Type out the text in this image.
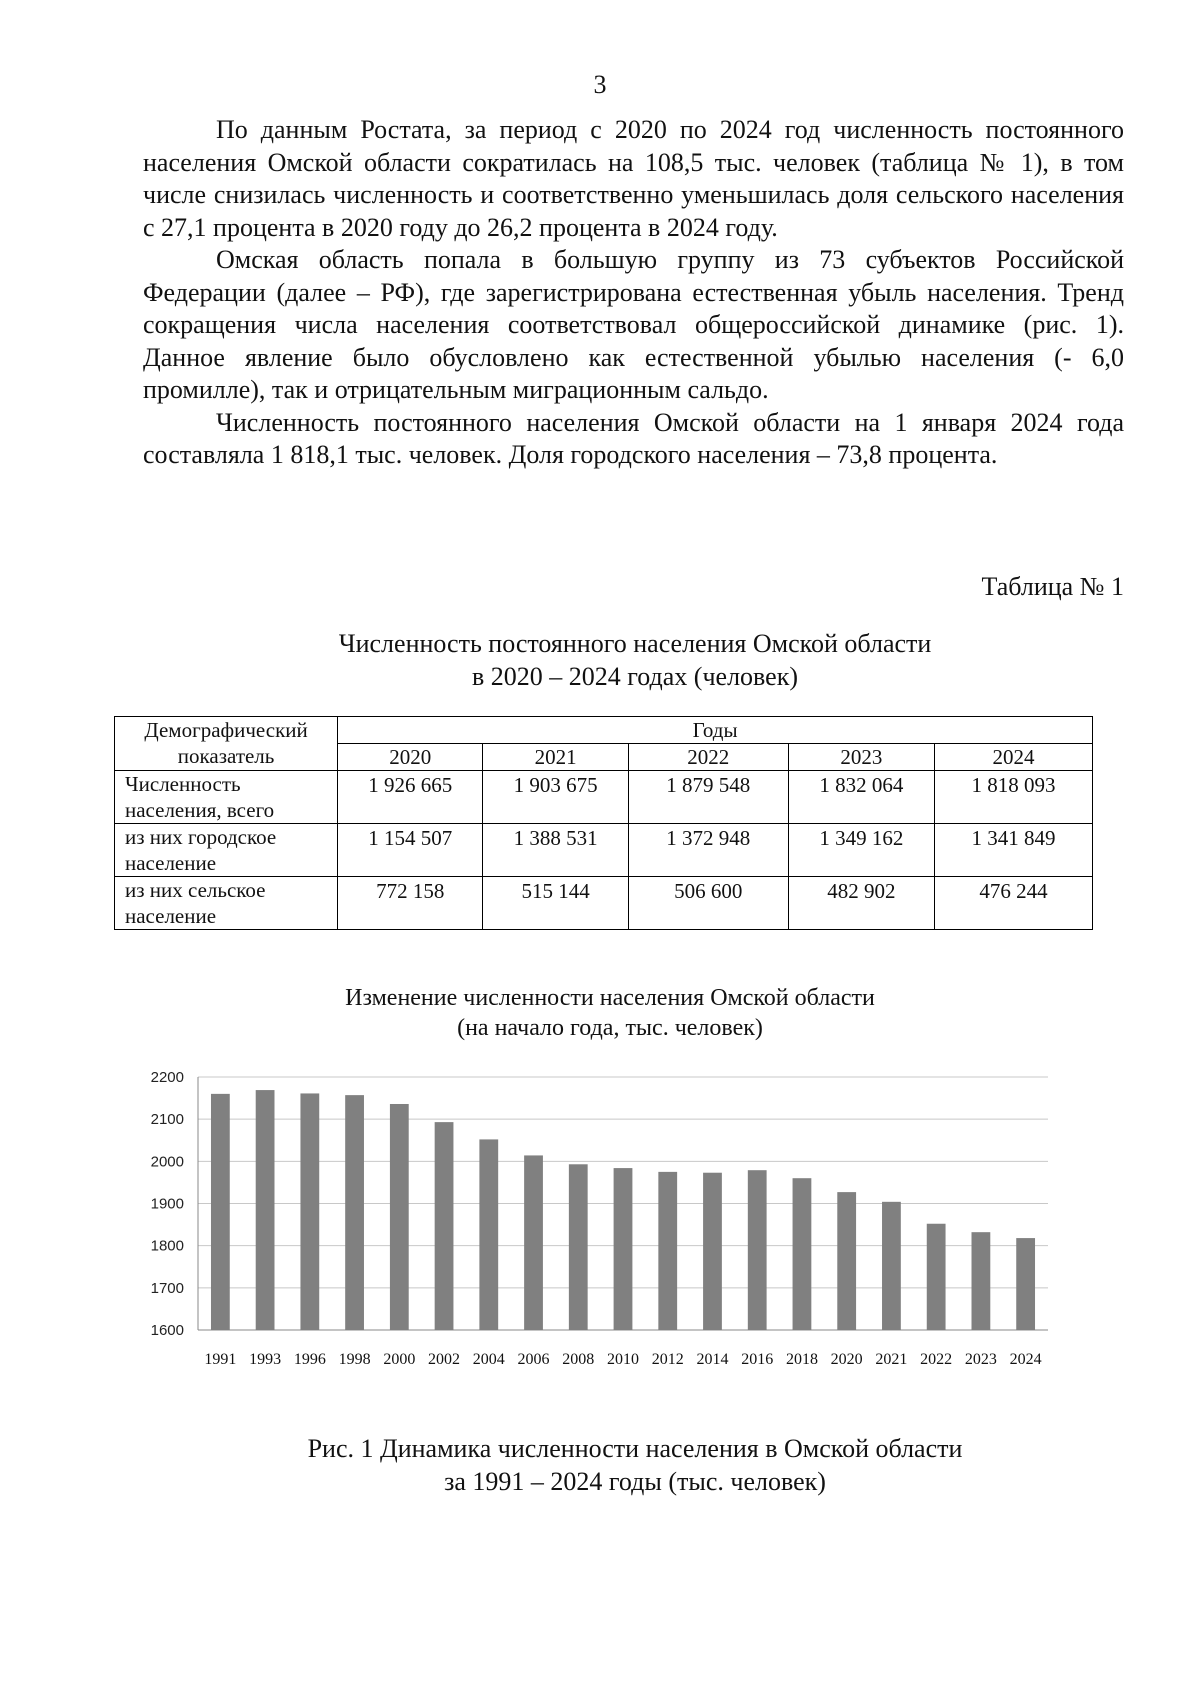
3

По данным Ростата, за период с 2020 по 2024 год численность постоянного населения Омской области сократилась на 108,5 тыс. человек (таблица № 1), в том числе снизилась численность и соответственно уменьшилась доля сельского населения с 27,1 процента в 2020 году до 26,2 процента в 2024 году.

Омская область попала в большую группу из 73 субъектов Российской Федерации (далее – РФ), где зарегистрирована естественная убыль населения. Тренд сокращения числа населения соответствовал общероссийской динамике (рис. 1). Данное явление было обусловлено как естественной убылью населения (- 6,0 промилле), так и отрицательным миграционным сальдо.

Численность постоянного населения Омской области на 1 января 2024 года составляла 1 818,1 тыс. человек. Доля городского населения – 73,8 процента.

Таблица № 1
Численность постоянного населения Омской области
в 2020 – 2024 годах (человек)
Демографический показатель	Годы				
	2020	2021	2022	2023	2024
Численность населения, всего	1 926 665	1 903 675	1 879 548	1 832 064	1 818 093
из них городское население	1 154 507	1 388 531	1 372 948	1 349 162	1 341 849
из них сельское население	772 158	515 144	506 600	482 902	476 244
Изменение численности населения Омской области
(на начало года, тыс. человек)
1600
1700
1800
1900
2000
2100
2200
1991 1993 1996 1998 2000 2002 2004 2006 2008 2010 2012 2014 2016 2018 2020 2021 2022 2023 2024
Рис. 1 Динамика численности населения в Омской области
за 1991 – 2024 годы (тыс. человек)
